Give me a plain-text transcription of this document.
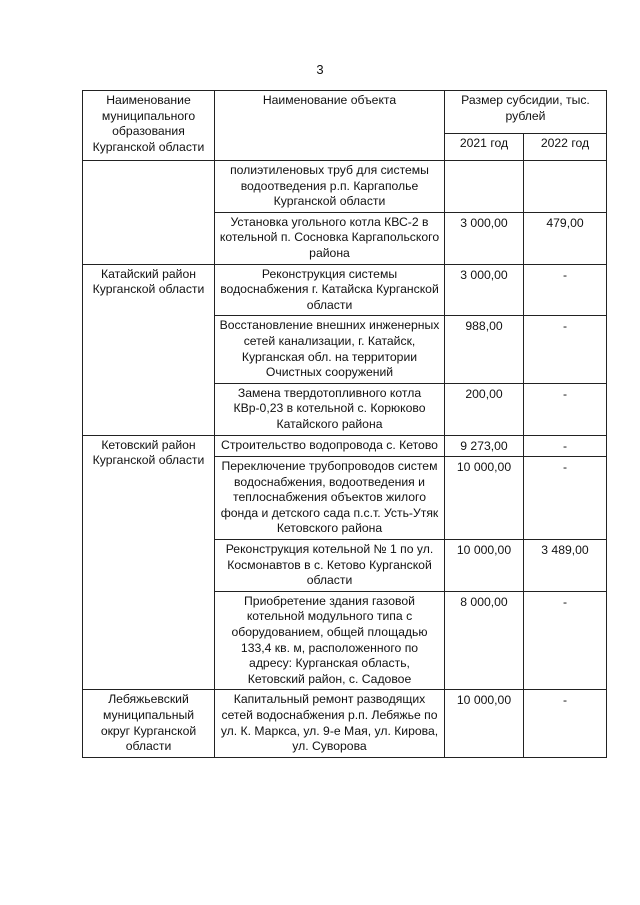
3
Наименование муниципального образования Курганской области	Наименование объекта	Размер субсидии, тыс. рублей	
		2021 год	2022 год
	полиэтиленовых труб для системы водоотведения р.п. Каргаполье Курганской области		
	Установка угольного котла КВС-2 в котельной п. Сосновка Каргапольского района	3 000,00	479,00
Катайский район Курганской области	Реконструкция системы водоснабжения г. Катайска Курганской области	3 000,00	-
	Восстановление внешних инженерных сетей канализации, г. Катайск, Курганская обл. на территории Очистных сооружений	988,00	-
	Замена твердотопливного котла КВр-0,23 в котельной с. Корюково Катайского района	200,00	-
Кетовский район Курганской области	Строительство водопровода с. Кетово	9 273,00	-
	Переключение трубопроводов систем водоснабжения, водоотведения и теплоснабжения объектов жилого фонда и детского сада п.с.т. Усть-Утяк Кетовского района	10 000,00	-
	Реконструкция котельной № 1 по ул. Космонавтов в с. Кетово Курганской области	10 000,00	3 489,00
	Приобретение здания газовой котельной модульного типа с оборудованием, общей площадью 133,4 кв. м, расположенного по адресу: Курганская область, Кетовский район, с. Садовое	8 000,00	-
Лебяжьевский муниципальный округ Курганской области	Капитальный ремонт разводящих сетей водоснабжения р.п. Лебяжье по ул. К. Маркса, ул. 9-е Мая, ул. Кирова, ул. Суворова	10 000,00	-
